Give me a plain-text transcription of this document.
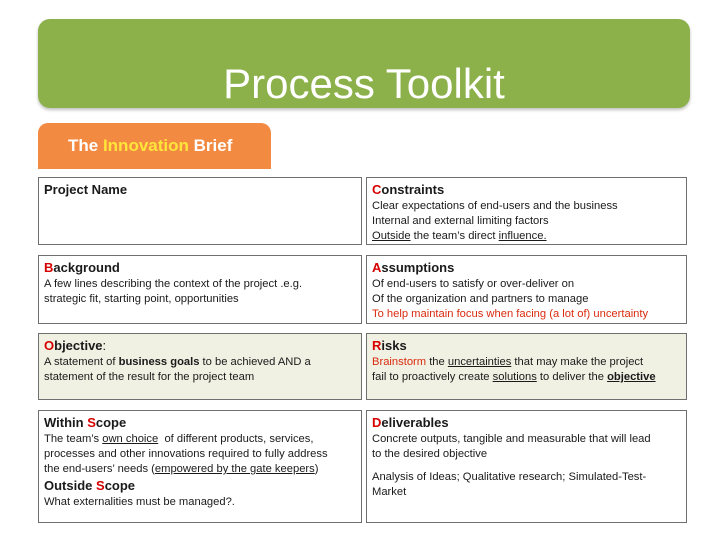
Process Toolkit
The Innovation Brief
Project Name	Constraints
Clear expectations of end-users and the business
Internal and external limiting factors
Outside the team’s direct influence.
Background
A few lines describing the context of the project .e.g.
strategic fit, starting point, opportunities
Assumptions
Of end-users to satisfy or over-deliver on
Of the organization and partners to manage
To help maintain focus when facing (a lot of) uncertainty
Objective:
A statement of business goals to be achieved AND a
statement of the result for the project team
Risks
Brainstorm the uncertainties that may make the project
fail to proactively create solutions to deliver the objective
Within Scope
The team’s own choice  of different products, services,
processes and other innovations required to fully address
the end-users’ needs (empowered by the gate keepers)
Outside Scope
What externalities must be managed?.
Deliverables
Concrete outputs, tangible and measurable that will lead
to the desired objective
Analysis of Ideas; Qualitative research; Simulated-Test-
Market
